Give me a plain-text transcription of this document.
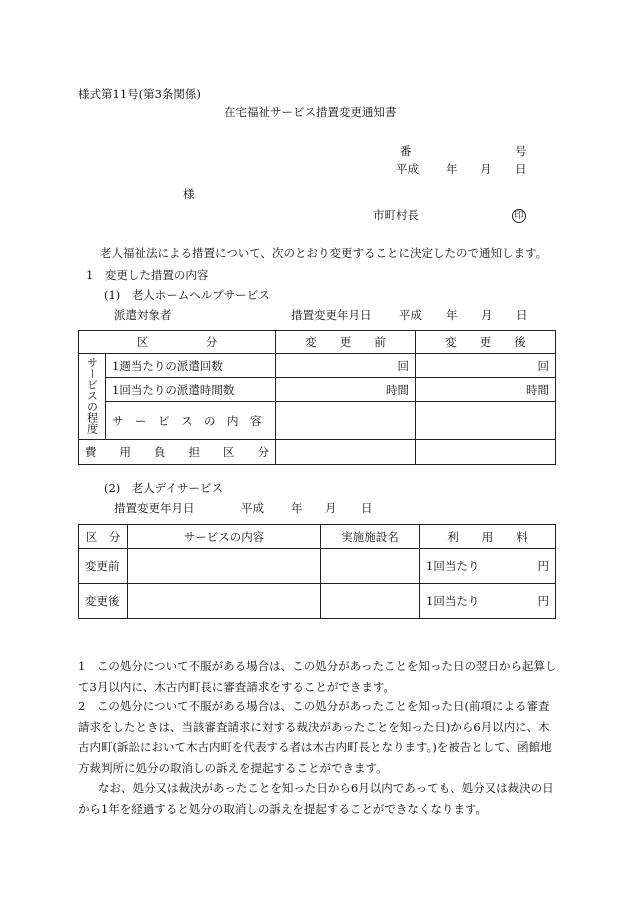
様式第11号(第3条関係)
在宅福祉サービス措置変更通知書
番	号
平成 年 月 日
様
市町村長	印
老人福祉法による措置について、次のとおり変更することに決定したので通知します。
1　変更した措置の内容
(1)　老人ホームヘルプサービス
派遣対象者	措置変更年月日 平成 年 月 日
区　　　　　分		変　　更　　前	変　　更　　後
サービスの程度	1週当たりの派遣回数	回	回
	1回当たりの派遣時間数	時間	時間
	サ　ー　ビ　ス　の　内　容		
費　　用　　負　　担　　区　　分			
(2)　老人デイサービス
措置変更年月日	平成 年 月 日
区　分	サービスの内容	実施施設名	利　　用　　料
変更前			1回当たり 円

変更後			1回当たり 円
1　この処分について不服がある場合は、この処分があったことを知った日の翌日から起算して3月以内に、木古内町長に審査請求をすることができます。
2　この処分について不服がある場合は、この処分があったことを知った日(前項による審査請求をしたときは、当該審査請求に対する裁決があったことを知った日)から6月以内に、木古内町(訴訟において木古内町を代表する者は木古内町長となります。)を被告として、函館地方裁判所に処分の取消しの訴えを提起することができます。
なお、処分又は裁決があったことを知った日から6月以内であっても、処分又は裁決の日から1年を経過すると処分の取消しの訴えを提起することができなくなります。
